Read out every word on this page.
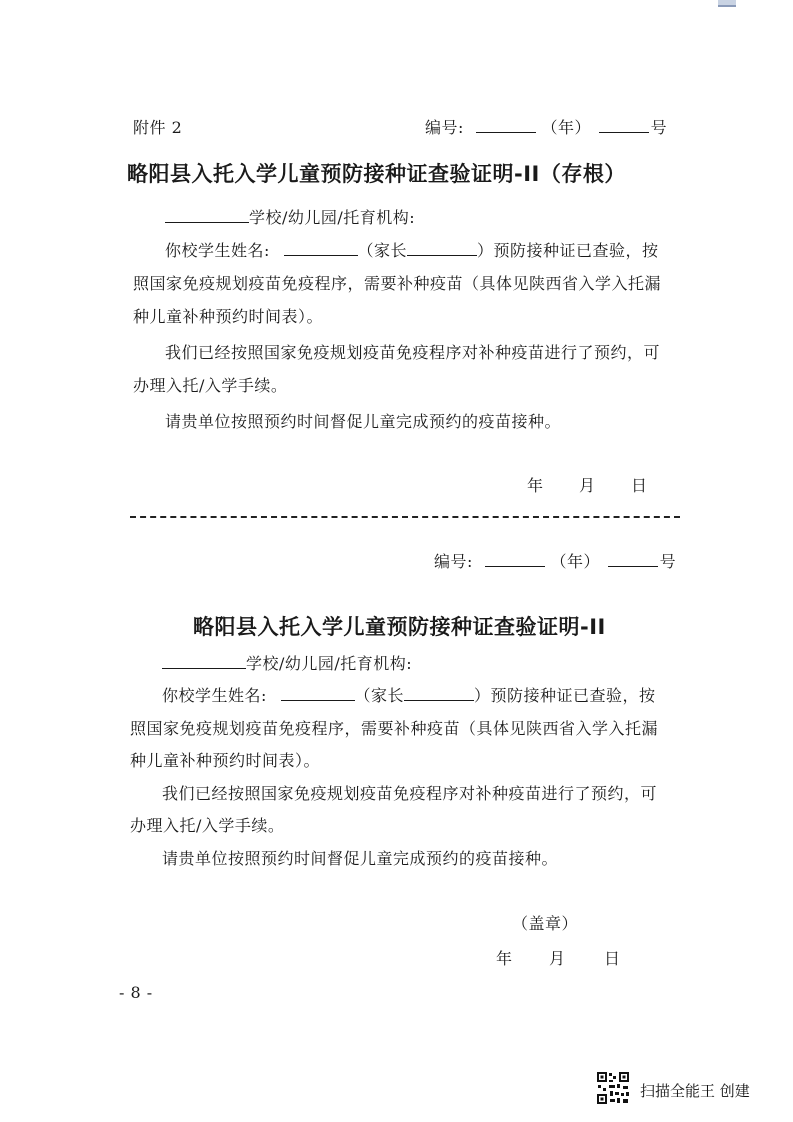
附件 2	编号:	（年）	号
略阳县入托入学儿童预防接种证查验证明-II（存根）
学校/幼儿园/托育机构:
你校学生姓名:	（家长	）预防接种证已查验，按
照国家免疫规划疫苗免疫程序，需要补种疫苗（具体见陕西省入学入托漏
种儿童补种预约时间表）。
我们已经按照国家免疫规划疫苗免疫程序对补种疫苗进行了预约，可
办理入托/入学手续。
请贵单位按照预约时间督促儿童完成预约的疫苗接种。
年 月 日
编号:	（年）	号
略阳县入托入学儿童预防接种证查验证明-II
学校/幼儿园/托育机构:
你校学生姓名:	（家长	）预防接种证已查验，按
照国家免疫规划疫苗免疫程序，需要补种疫苗（具体见陕西省入学入托漏
种儿童补种预约时间表）。
我们已经按照国家免疫规划疫苗免疫程序对补种疫苗进行了预约，可
办理入托/入学手续。
请贵单位按照预约时间督促儿童完成预约的疫苗接种。
（盖章）
年 月 日
- 8 -
扫描全能王 创建
